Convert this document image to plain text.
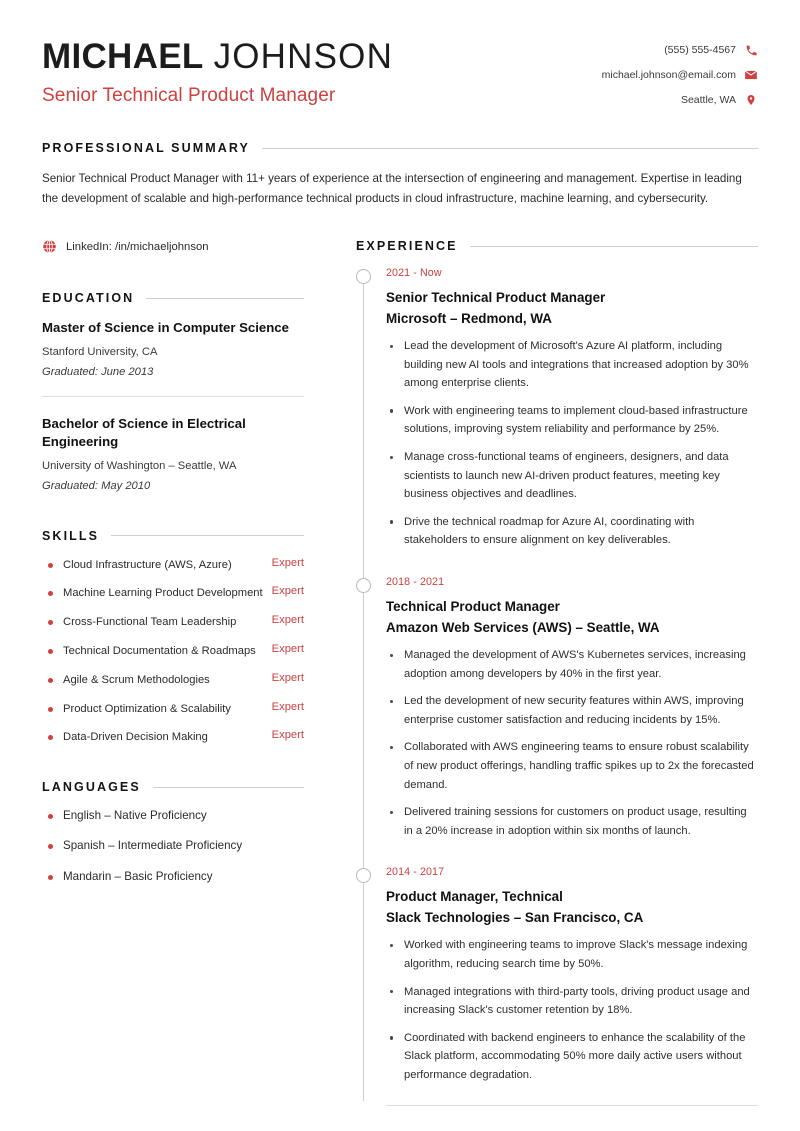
MICHAEL JOHNSON
Senior Technical Product Manager
(555) 555-4567
michael.johnson@email.com
Seattle, WA
PROFESSIONAL SUMMARY
Senior Technical Product Manager with 11+ years of experience at the intersection of engineering and management. Expertise in leading the development of scalable and high-performance technical products in cloud infrastructure, machine learning, and cybersecurity.
LinkedIn: /in/michaeljohnson
EDUCATION
Master of Science in Computer Science
Stanford University, CA
Graduated: June 2013
Bachelor of Science in Electrical Engineering
University of Washington – Seattle, WA
Graduated: May 2010
SKILLS
Cloud Infrastructure (AWS, Azure)	Expert
Machine Learning Product Development Expert
Cross-Functional Team Leadership	Expert
Technical Documentation & Roadmaps	Expert
Agile & Scrum Methodologies	Expert
Product Optimization & Scalability	Expert
Data-Driven Decision Making	Expert
LANGUAGES
English – Native Proficiency
Spanish – Intermediate Proficiency
Mandarin – Basic Proficiency
EXPERIENCE
2021 - Now
Senior Technical Product Manager
Microsoft – Redmond, WA
Lead the development of Microsoft's Azure AI platform, including building new AI tools and integrations that increased adoption by 30% among enterprise clients.
Work with engineering teams to implement cloud-based infrastructure solutions, improving system reliability and performance by 25%.
Manage cross-functional teams of engineers, designers, and data scientists to launch new AI-driven product features, meeting key business objectives and deadlines.
Drive the technical roadmap for Azure AI, coordinating with stakeholders to ensure alignment on key deliverables.
2018 - 2021
Technical Product Manager
Amazon Web Services (AWS) – Seattle, WA
Managed the development of AWS's Kubernetes services, increasing adoption among developers by 40% in the first year.
Led the development of new security features within AWS, improving enterprise customer satisfaction and reducing incidents by 15%.
Collaborated with AWS engineering teams to ensure robust scalability of new product offerings, handling traffic spikes up to 2x the forecasted demand.
Delivered training sessions for customers on product usage, resulting in a 20% increase in adoption within six months of launch.
2014 - 2017
Product Manager, Technical
Slack Technologies – San Francisco, CA
Worked with engineering teams to improve Slack's message indexing algorithm, reducing search time by 50%.
Managed integrations with third-party tools, driving product usage and increasing Slack's customer retention by 18%.
Coordinated with backend engineers to enhance the scalability of the Slack platform, accommodating 50% more daily active users without performance degradation.
